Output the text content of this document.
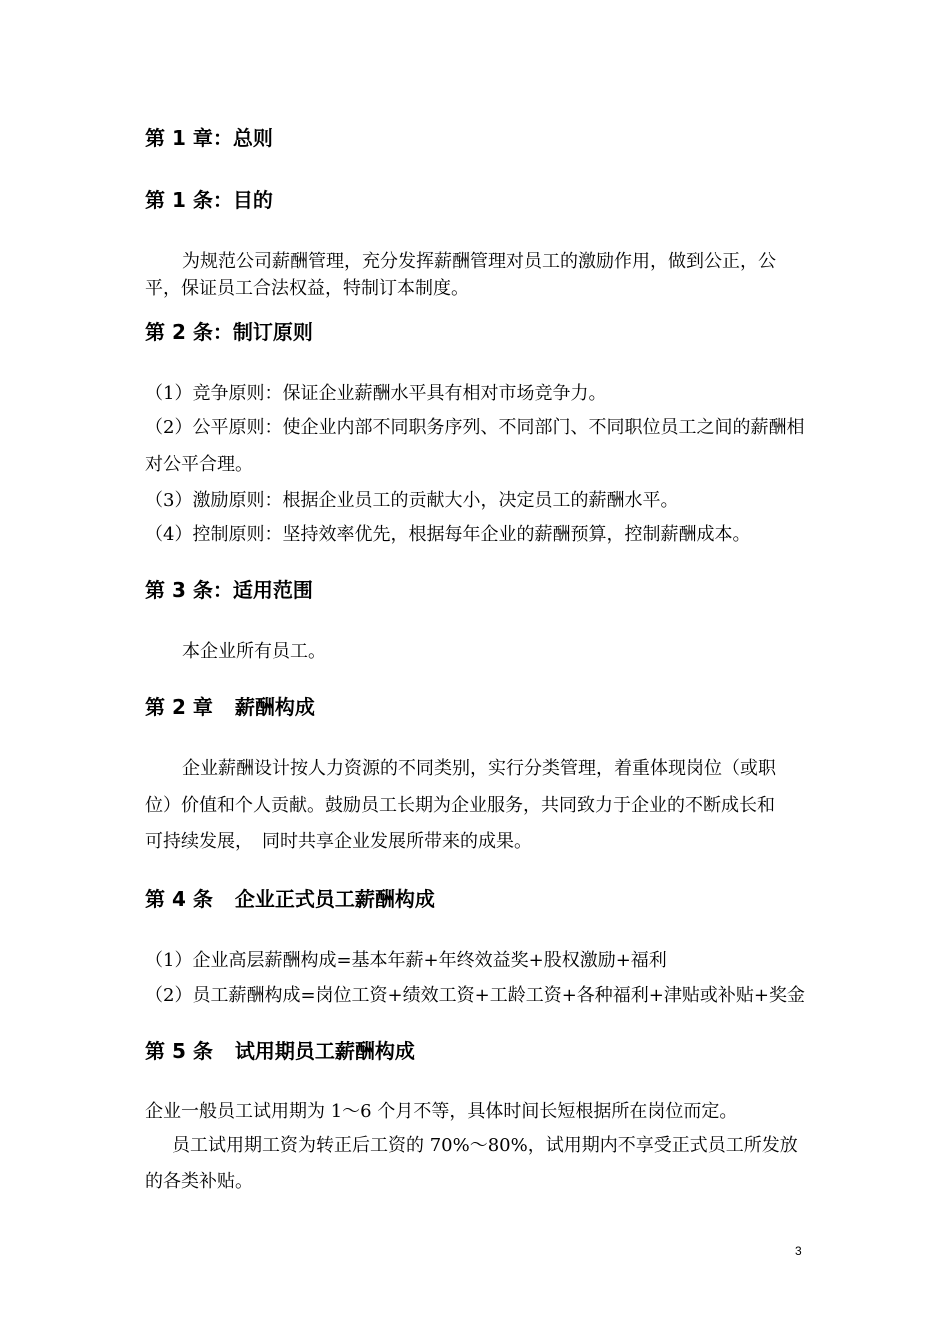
第 1 章：总则
第 1 条：目的
为规范公司薪酬管理，充分发挥薪酬管理对员工的激励作用，做到公正，公
平，保证员工合法权益，特制订本制度。
第 2 条：制订原则
（1）竞争原则：保证企业薪酬水平具有相对市场竞争力。
（2）公平原则：使企业内部不同职务序列、不同部门、不同职位员工之间的薪酬相
对公平合理。
（3）激励原则：根据企业员工的贡献大小，决定员工的薪酬水平。
（4）控制原则：坚持效率优先，根据每年企业的薪酬预算，控制薪酬成本。
第 3 条：适用范围
本企业所有员工。
第 2 章 薪酬构成
企业薪酬设计按人力资源的不同类别，实行分类管理，着重体现岗位（或职
位）价值和个人贡献。鼓励员工长期为企业服务，共同致力于企业的不断成长和
可持续发展，　同时共享企业发展所带来的成果。
第 4 条 企业正式员工薪酬构成
（1）企业高层薪酬构成=基本年薪+年终效益奖+股权激励+福利
（2）员工薪酬构成=岗位工资+绩效工资+工龄工资+各种福利+津贴或补贴+奖金
第 5 条 试用期员工薪酬构成
企业一般员工试用期为 1～6 个月不等，具体时间长短根据所在岗位而定。
员工试用期工资为转正后工资的 70%～80%，试用期内不享受正式员工所发放
的各类补贴。
3
